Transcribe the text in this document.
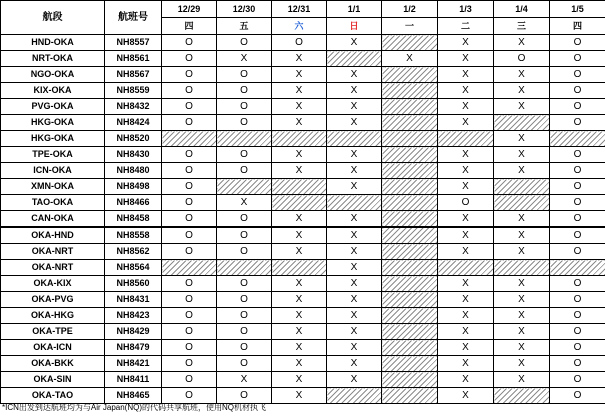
航段	航班号	12/29	12/30	12/31	1/1	1/2	1/3	1/4	1/5
		四	五	六	日	一	二	三	四
HND-OKA	NH8557	O	O	O	X		X	X	O
NRT-OKA	NH8561	O	X	X		X	X	O	O
NGO-OKA	NH8567	O	O	X	X		X	X	O
KIX-OKA	NH8559	O	O	X	X		X	X	O
PVG-OKA	NH8432	O	O	X	X		X	X	O
HKG-OKA	NH8424	O	O	X	X		X		O
HKG-OKA	NH8520							X	
TPE-OKA	NH8430	O	O	X	X		X	X	O
ICN-OKA	NH8480	O	O	X	X		X	X	O
XMN-OKA	NH8498	O			X		X		O
TAO-OKA	NH8466	O	X				O		O
CAN-OKA	NH8458	O	O	X	X		X	X	O
OKA-HND	NH8558	O	O	X	X		X	X	O
OKA-NRT	NH8562	O	O	X	X		X	X	O
OKA-NRT	NH8564				X				
OKA-KIX	NH8560	O	O	X	X		X	X	O
OKA-PVG	NH8431	O	O	X	X		X	X	O
OKA-HKG	NH8423	O	O	X	X		X	X	O
OKA-TPE	NH8429	O	O	X	X		X	X	O
OKA-ICN	NH8479	O	O	X	X		X	X	O
OKA-BKK	NH8421	O	O	X	X		X	X	O
OKA-SIN	NH8411	O	X	X	X		X	X	O
OKA-TAO	NH8465	O	O	X			X		O
*ICN出发到达航班均为与Air Japan(NQ)的代码共享航班，使用NQ机材执飞
